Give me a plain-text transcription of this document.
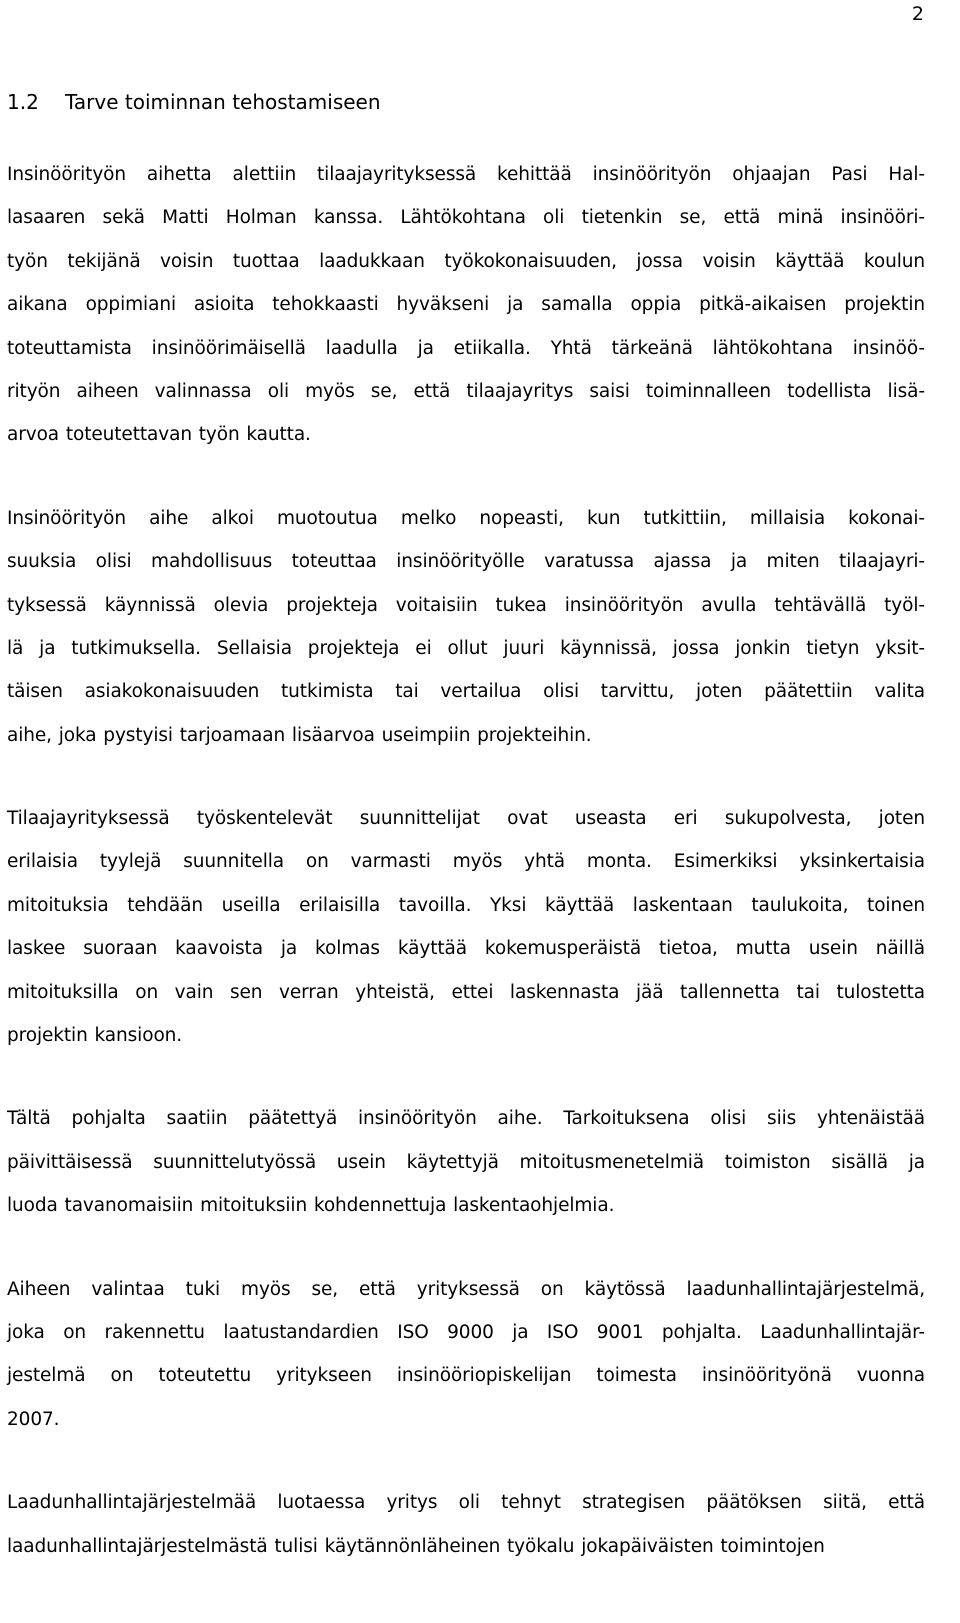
2
1.2 Tarve toiminnan tehostamiseen
Insinöörityön aihetta alettiin tilaajayrityksessä kehittää insinöörityön ohjaajan Pasi Hal-
lasaaren sekä Matti Holman kanssa. Lähtökohtana oli tietenkin se, että minä insinööri-
työn tekijänä voisin tuottaa laadukkaan työkokonaisuuden, jossa voisin käyttää koulun
aikana oppimiani asioita tehokkaasti hyväkseni ja samalla oppia pitkä-aikaisen projektin
toteuttamista insinöörimäisellä laadulla ja etiikalla. Yhtä tärkeänä lähtökohtana insinöö-
rityön aiheen valinnassa oli myös se, että tilaajayritys saisi toiminnalleen todellista lisä-
arvoa toteutettavan työn kautta.
Insinöörityön aihe alkoi muotoutua melko nopeasti, kun tutkittiin, millaisia kokonai-
suuksia olisi mahdollisuus toteuttaa insinöörityölle varatussa ajassa ja miten tilaajayri-
tyksessä käynnissä olevia projekteja voitaisiin tukea insinöörityön avulla tehtävällä työl-
lä ja tutkimuksella. Sellaisia projekteja ei ollut juuri käynnissä, jossa jonkin tietyn yksit-
täisen asiakokonaisuuden tutkimista tai vertailua olisi tarvittu, joten päätettiin valita
aihe, joka pystyisi tarjoamaan lisäarvoa useimpiin projekteihin.
Tilaajayrityksessä työskentelevät suunnittelijat ovat useasta eri sukupolvesta, joten
erilaisia tyylejä suunnitella on varmasti myös yhtä monta. Esimerkiksi yksinkertaisia
mitoituksia tehdään useilla erilaisilla tavoilla. Yksi käyttää laskentaan taulukoita, toinen
laskee suoraan kaavoista ja kolmas käyttää kokemusperäistä tietoa, mutta usein näillä
mitoituksilla on vain sen verran yhteistä, ettei laskennasta jää tallennetta tai tulostetta
projektin kansioon.
Tältä pohjalta saatiin päätettyä insinöörityön aihe. Tarkoituksena olisi siis yhtenäistää
päivittäisessä suunnittelutyössä usein käytettyjä mitoitusmenetelmiä toimiston sisällä ja
luoda tavanomaisiin mitoituksiin kohdennettuja laskentaohjelmia.
Aiheen valintaa tuki myös se, että yrityksessä on käytössä laadunhallintajärjestelmä,
joka on rakennettu laatustandardien ISO 9000 ja ISO 9001 pohjalta. Laadunhallintajär-
jestelmä on toteutettu yritykseen insinööriopiskelijan toimesta insinöörityönä vuonna
2007.
Laadunhallintajärjestelmää luotaessa yritys oli tehnyt strategisen päätöksen siitä, että
laadunhallintajärjestelmästä tulisi käytännönläheinen työkalu jokapäiväisten toimintojen
